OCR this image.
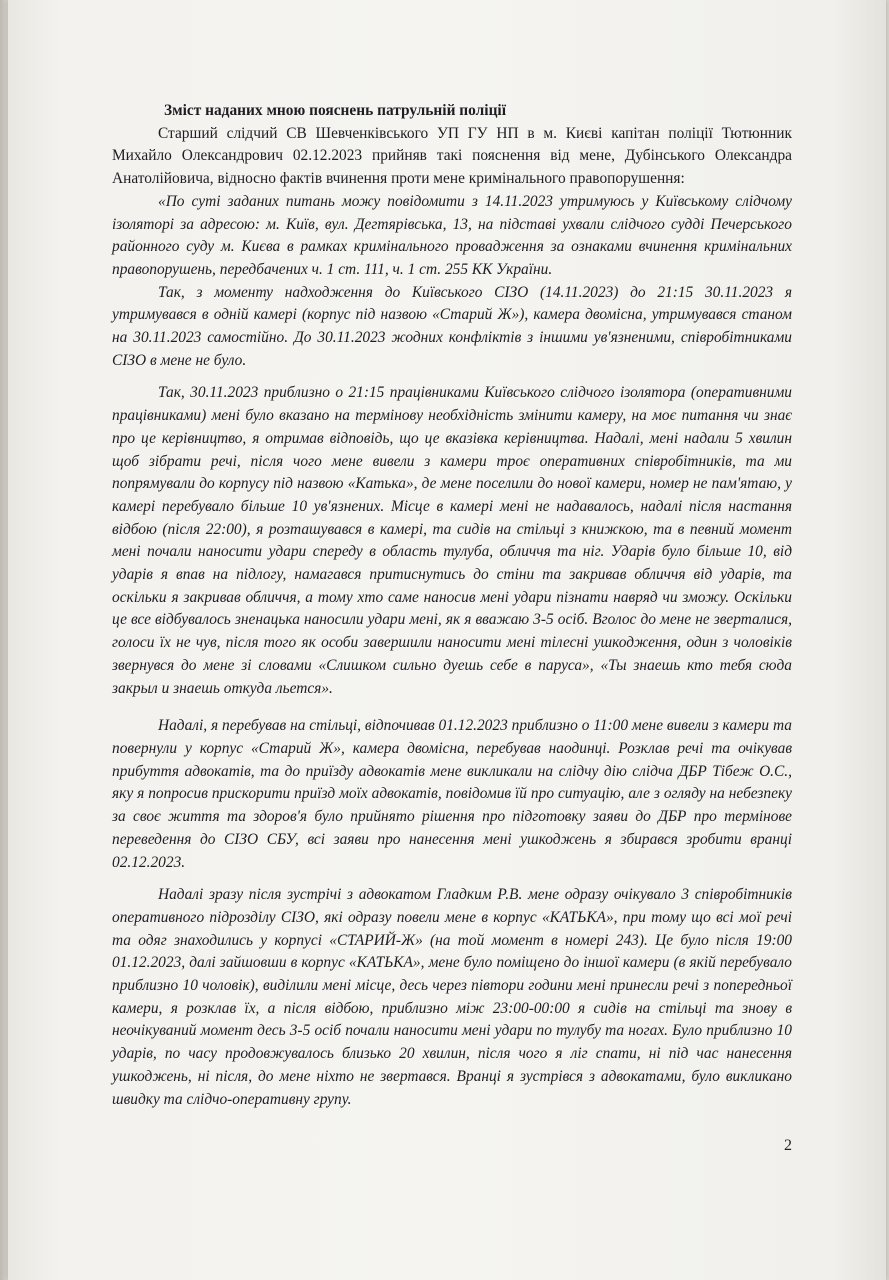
Зміст наданих мною пояснень патрульній поліції

Старший слідчий СВ Шевченківського УП ГУ НП в м. Києві капітан поліції Тютюнник Михайло Олександрович 02.12.2023 прийняв такі пояснення від мене, Дубінського Олександра Анатолійовича, відносно фактів вчинення проти мене кримінального правопорушення:

«По суті заданих питань можу повідомити з 14.11.2023 утримуюсь у Київському слідчому ізоляторі за адресою: м. Київ, вул. Дегтярівська, 13, на підставі ухвали слідчого судді Печерського районного суду м. Києва в рамках кримінального провадження за ознаками вчинення кримінальних правопорушень, передбачених ч. 1 ст. 111, ч. 1 ст. 255 КК України.

Так, з моменту надходження до Київського СІЗО (14.11.2023) до 21:15 30.11.2023 я утримувався в одній камері (корпус під назвою «Старий Ж»), камера двомісна, утримувався станом на 30.11.2023 самостійно. До 30.11.2023 жодних конфліктів з іншими ув'язненими, співробітниками СІЗО в мене не було.

Так, 30.11.2023 приблизно о 21:15 працівниками Київського слідчого ізолятора (оперативними працівниками) мені було вказано на термінову необхідність змінити камеру, на моє питання чи знає про це керівництво, я отримав відповідь, що це вказівка керівництва. Надалі, мені надали 5 хвилин щоб зібрати речі, після чого мене вивели з камери троє оперативних співробітників, та ми попрямували до корпусу під назвою «Катька», де мене поселили до нової камери, номер не пам'ятаю, у камері перебувало більше 10 ув'язнених. Місце в камері мені не надавалось, надалі після настання відбою (після 22:00), я розташувався в камері, та сидів на стільці з книжкою, та в певний момент мені почали наносити удари спереду в область тулуба, обличчя та ніг. Ударів було більше 10, від ударів я впав на підлогу, намагався притиснутись до стіни та закривав обличчя від ударів, та оскільки я закривав обличчя, а тому хто саме наносив мені удари пізнати навряд чи зможу. Оскільки це все відбувалось зненацька наносили удари мені, як я вважаю 3-5 осіб. Вголос до мене не зверталися, голоси їх не чув, після того як особи завершили наносити мені тілесні ушкодження, один з чоловіків звернувся до мене зі словами «Слишком сильно дуешь себе в паруса», «Ты знаешь кто тебя сюда закрыл и знаешь откуда льется».

Надалі, я перебував на стільці, відпочивав 01.12.2023 приблизно о 11:00 мене вивели з камери та повернули у корпус «Старий Ж», камера двомісна, перебував наодинці. Розклав речі та очікував прибуття адвокатів, та до приїзду адвокатів мене викликали на слідчу дію слідча ДБР Тібеж О.С., яку я попросив прискорити приїзд моїх адвокатів, повідомив їй про ситуацію, але з огляду на небезпеку за своє життя та здоров'я було прийнято рішення про підготовку заяви до ДБР про термінове переведення до СІЗО СБУ, всі заяви про нанесення мені ушкоджень я збирався зробити вранці 02.12.2023.

Надалі зразу після зустрічі з адвокатом Гладким Р.В. мене одразу очікувало 3 співробітників оперативного підрозділу СІЗО, які одразу повели мене в корпус «КАТЬКА», при тому що всі мої речі та одяг знаходились у корпусі «СТАРИЙ-Ж» (на той момент в номері 243). Це було після 19:00 01.12.2023, далі зайшовши в корпус «КАТЬКА», мене було поміщено до іншої камери (в якій перебувало приблизно 10 чоловік), виділили мені місце, десь через півтори години мені принесли речі з попередньої камери, я розклав їх, а після відбою, приблизно між 23:00-00:00 я сидів на стільці та знову в неочікуваний момент десь 3-5 осіб почали наносити мені удари по тулубу та ногах. Було приблизно 10 ударів, по часу продовжувалось близько 20 хвилин, після чого я ліг спати, ні під час нанесення ушкоджень, ні після, до мене ніхто не звертався. Вранці я зустрівся з адвокатами, було викликано швидку та слідчо-оперативну групу.

2
